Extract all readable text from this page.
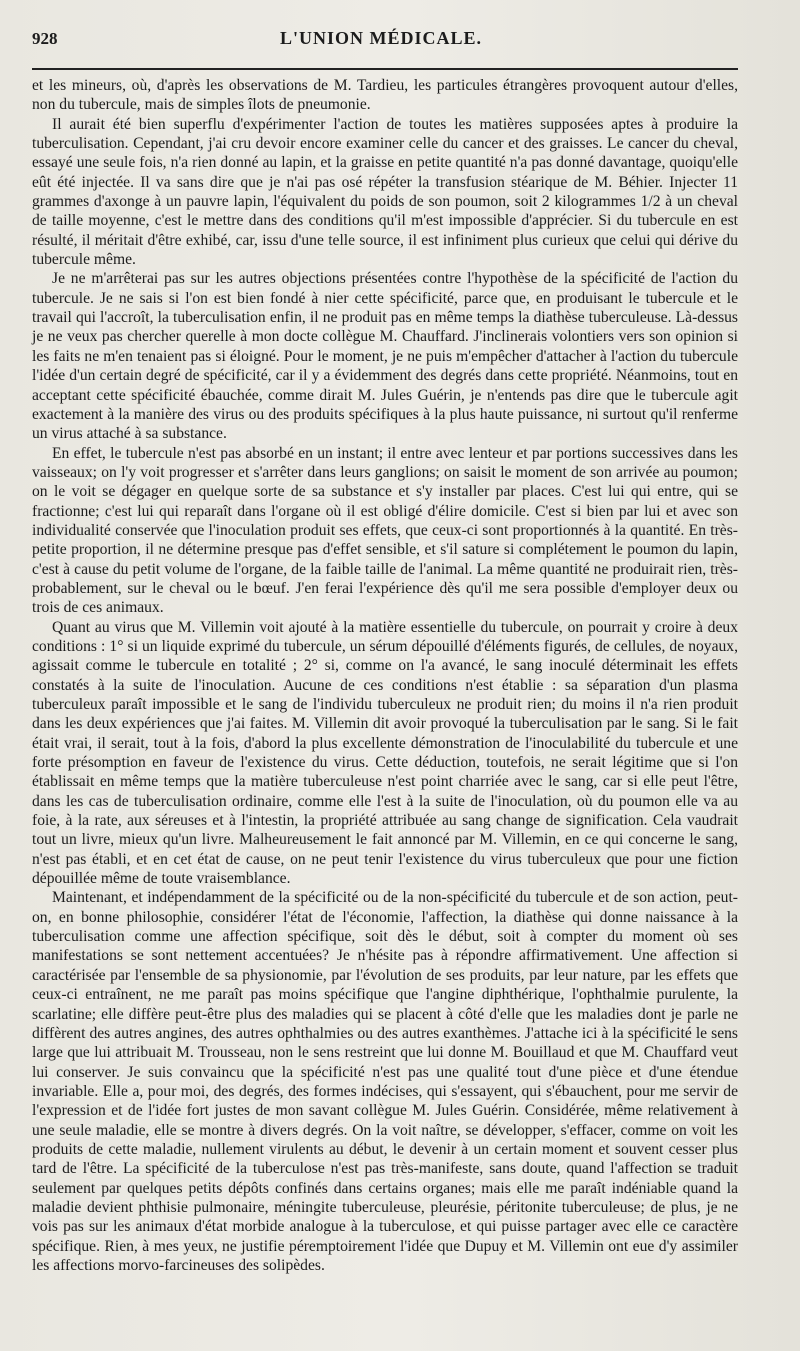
928	L'UNION MÉDICALE.

et les mineurs, où, d'après les observations de M. Tardieu, les particules étrangères provoquent autour d'elles, non du tubercule, mais de simples îlots de pneumonie.

Il aurait été bien superflu d'expérimenter l'action de toutes les matières supposées aptes à produire la tuberculisation. Cependant, j'ai cru devoir encore examiner celle du cancer et des graisses. Le cancer du cheval, essayé une seule fois, n'a rien donné au lapin, et la graisse en petite quantité n'a pas donné davantage, quoiqu'elle eût été injectée. Il va sans dire que je n'ai pas osé répéter la transfusion stéarique de M. Béhier. Injecter 11 grammes d'axonge à un pauvre lapin, l'équivalent du poids de son poumon, soit 2 kilogrammes 1/2 à un cheval de taille moyenne, c'est le mettre dans des conditions qu'il m'est impossible d'apprécier. Si du tubercule en est résulté, il méritait d'être exhibé, car, issu d'une telle source, il est infiniment plus curieux que celui qui dérive du tubercule même.

Je ne m'arrêterai pas sur les autres objections présentées contre l'hypothèse de la spécificité de l'action du tubercule. Je ne sais si l'on est bien fondé à nier cette spécificité, parce que, en produisant le tubercule et le travail qui l'accroît, la tuberculisation enfin, il ne produit pas en même temps la diathèse tuberculeuse. Là-dessus je ne veux pas chercher querelle à mon docte collègue M. Chauffard. J'inclinerais volontiers vers son opinion si les faits ne m'en tenaient pas si éloigné. Pour le moment, je ne puis m'empêcher d'attacher à l'action du tubercule l'idée d'un certain degré de spécificité, car il y a évidemment des degrés dans cette propriété. Néanmoins, tout en acceptant cette spécificité ébauchée, comme dirait M. Jules Guérin, je n'entends pas dire que le tubercule agit exactement à la manière des virus ou des produits spécifiques à la plus haute puissance, ni surtout qu'il renferme un virus attaché à sa substance.

En effet, le tubercule n'est pas absorbé en un instant; il entre avec lenteur et par portions successives dans les vaisseaux; on l'y voit progresser et s'arrêter dans leurs ganglions; on saisit le moment de son arrivée au poumon; on le voit se dégager en quelque sorte de sa substance et s'y installer par places. C'est lui qui entre, qui se fractionne; c'est lui qui reparaît dans l'organe où il est obligé d'élire domicile. C'est si bien par lui et avec son individualité conservée que l'inoculation produit ses effets, que ceux-ci sont proportionnés à la quantité. En très-petite proportion, il ne détermine presque pas d'effet sensible, et s'il sature si complétement le poumon du lapin, c'est à cause du petit volume de l'organe, de la faible taille de l'animal. La même quantité ne produirait rien, très-probablement, sur le cheval ou le bœuf. J'en ferai l'expérience dès qu'il me sera possible d'employer deux ou trois de ces animaux.

Quant au virus que M. Villemin voit ajouté à la matière essentielle du tubercule, on pourrait y croire à deux conditions : 1° si un liquide exprimé du tubercule, un sérum dépouillé d'éléments figurés, de cellules, de noyaux, agissait comme le tubercule en totalité ; 2° si, comme on l'a avancé, le sang inoculé déterminait les effets constatés à la suite de l'inoculation. Aucune de ces conditions n'est établie : sa séparation d'un plasma tuberculeux paraît impossible et le sang de l'individu tuberculeux ne produit rien; du moins il n'a rien produit dans les deux expériences que j'ai faites. M. Villemin dit avoir provoqué la tuberculisation par le sang. Si le fait était vrai, il serait, tout à la fois, d'abord la plus excellente démonstration de l'inoculabilité du tubercule et une forte présomption en faveur de l'existence du virus. Cette déduction, toutefois, ne serait légitime que si l'on établissait en même temps que la matière tuberculeuse n'est point charriée avec le sang, car si elle peut l'être, dans les cas de tuberculisation ordinaire, comme elle l'est à la suite de l'inoculation, où du poumon elle va au foie, à la rate, aux séreuses et à l'intestin, la propriété attribuée au sang change de signification. Cela vaudrait tout un livre, mieux qu'un livre. Malheureusement le fait annoncé par M. Villemin, en ce qui concerne le sang, n'est pas établi, et en cet état de cause, on ne peut tenir l'existence du virus tuberculeux que pour une fiction dépouillée même de toute vraisemblance.

Maintenant, et indépendamment de la spécificité ou de la non-spécificité du tubercule et de son action, peut-on, en bonne philosophie, considérer l'état de l'économie, l'affection, la diathèse qui donne naissance à la tuberculisation comme une affection spécifique, soit dès le début, soit à compter du moment où ses manifestations se sont nettement accentuées? Je n'hésite pas à répondre affirmativement. Une affection si caractérisée par l'ensemble de sa physionomie, par l'évolution de ses produits, par leur nature, par les effets que ceux-ci entraînent, ne me paraît pas moins spécifique que l'angine diphthérique, l'ophthalmie purulente, la scarlatine; elle diffère peut-être plus des maladies qui se placent à côté d'elle que les maladies dont je parle ne diffèrent des autres angines, des autres ophthalmies ou des autres exanthèmes. J'attache ici à la spécificité le sens large que lui attribuait M. Trousseau, non le sens restreint que lui donne M. Bouillaud et que M. Chauffard veut lui conserver. Je suis convaincu que la spécificité n'est pas une qualité tout d'une pièce et d'une étendue invariable. Elle a, pour moi, des degrés, des formes indécises, qui s'essayent, qui s'ébauchent, pour me servir de l'expression et de l'idée fort justes de mon savant collègue M. Jules Guérin. Considérée, même relativement à une seule maladie, elle se montre à divers degrés. On la voit naître, se développer, s'effacer, comme on voit les produits de cette maladie, nullement virulents au début, le devenir à un certain moment et souvent cesser plus tard de l'être. La spécificité de la tuberculose n'est pas très-manifeste, sans doute, quand l'affection se traduit seulement par quelques petits dépôts confinés dans certains organes; mais elle me paraît indéniable quand la maladie devient phthisie pulmonaire, méningite tuberculeuse, pleurésie, péritonite tuberculeuse; de plus, je ne vois pas sur les animaux d'état morbide analogue à la tuberculose, et qui puisse partager avec elle ce caractère spécifique. Rien, à mes yeux, ne justifie péremptoirement l'idée que Dupuy et M. Villemin ont eue d'y assimiler les affections morvo-farcineuses des solipèdes.
